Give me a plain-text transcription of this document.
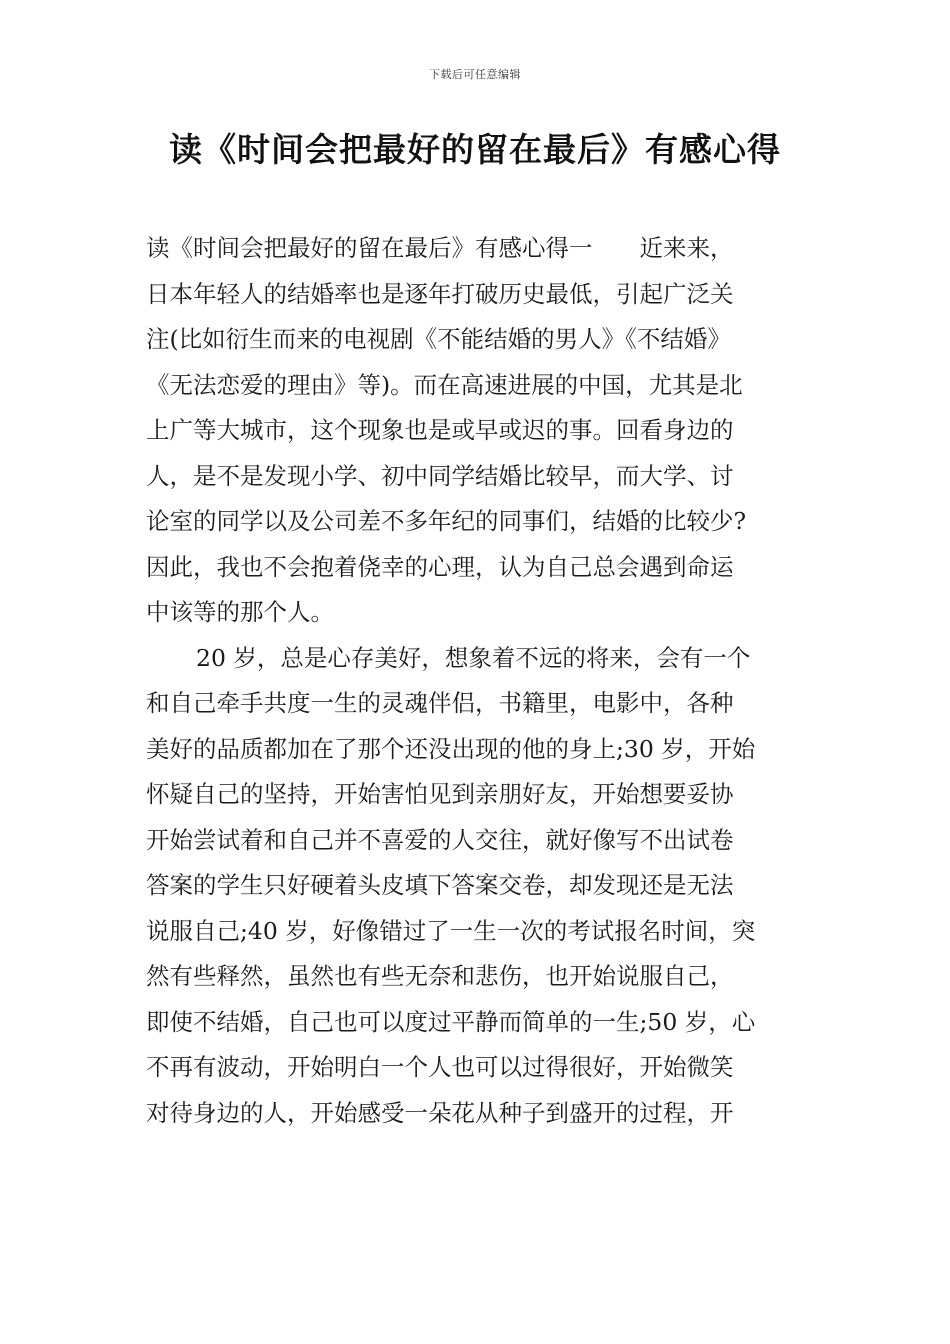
下载后可任意编辑
读《时间会把最好的留在最后》有感心得
读《时间会把最好的留在最后》有感心得一　　近来来，
日本年轻人的结婚率也是逐年打破历史最低，引起广泛关
注(比如衍生而来的电视剧《不能结婚的男人》《不结婚》
《无法恋爱的理由》等)。而在高速进展的中国，尤其是北
上广等大城市，这个现象也是或早或迟的事。回看身边的
人，是不是发现小学、初中同学结婚比较早，而大学、讨
论室的同学以及公司差不多年纪的同事们，结婚的比较少?
因此，我也不会抱着侥幸的心理，认为自己总会遇到命运
中该等的那个人。
20 岁，总是心存美好，想象着不远的将来，会有一个
和自己牵手共度一生的灵魂伴侣，书籍里，电影中，各种
美好的品质都加在了那个还没出现的他的身上;30 岁，开始
怀疑自己的坚持，开始害怕见到亲朋好友，开始想要妥协
开始尝试着和自己并不喜爱的人交往，就好像写不出试卷
答案的学生只好硬着头皮填下答案交卷，却发现还是无法
说服自己;40 岁，好像错过了一生一次的考试报名时间，突
然有些释然，虽然也有些无奈和悲伤，也开始说服自己，
即使不结婚，自己也可以度过平静而简单的一生;50 岁，心
不再有波动，开始明白一个人也可以过得很好，开始微笑
对待身边的人，开始感受一朵花从种子到盛开的过程，开
